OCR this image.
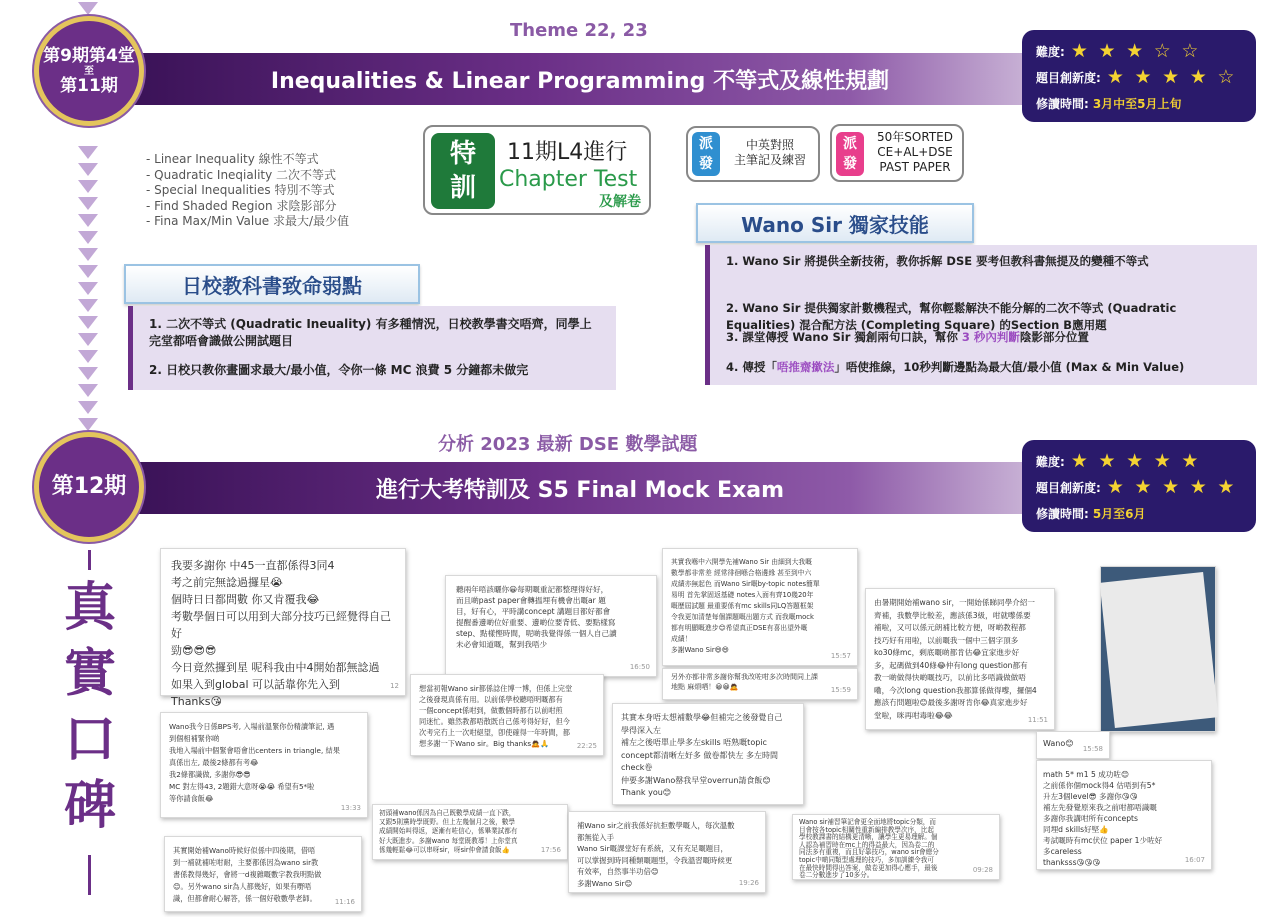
Theme 22, 23
Inequalities & Linear Programming 不等式及線性規劃
第9期第4堂
至
第11期
難度: ★ ★ ★ ☆ ☆
題目創新度: ★ ★ ★ ★ ☆
修讀時間: 3月中至5月上旬
- Linear Inequality 線性不等式
- Quadratic Ineqiality 二次不等式
- Special Inequalities 特別不等式
- Find Shaded Region 求陰影部分
- Fina Max/Min Value 求最大/最少值
特
訓
11期L4進行
Chapter Test
及解卷
派
發
中英對照
主筆記及練習
派
發
50年SORTED
CE+AL+DSE
PAST PAPER
日校教科書致命弱點
1. 二次不等式 (Quadratic Ineuality) 有多種情況，日校教學書交唔齊，同學上
完堂都唔會識做公開試題目
2. 日校只教你畫圖求最大/最小值，令你一條 MC 浪費 5 分鐘都未做完
Wano Sir 獨家技能
1. Wano Sir 將提供全新技術，教你拆解 DSE 要考但教科書無提及的變種不等式

2. Wano Sir 提供獨家計數機程式，幫你輕鬆解決不能分解的二次不等式 (Quadratic
Equalities) 混合配方法 (Completing Square) 的Section B應用題

3. 課堂傳授 Wano Sir 獨創兩句口訣，幫你 3 秒內判斷陰影部分位置
4. 傳授「唔推齋撳法」唔使推線，10秒判斷邊點為最大值/最小值 (Max & Min Value)
分析 2023 最新 DSE 數學試題
進行大考特訓及 S5 Final Mock Exam
第12期
難度: ★ ★ ★ ★ ★
題目創新度: ★ ★ ★ ★ ★
修讀時間: 5月至6月
真
實
口
碑
我要多謝你 中45一直都係得3同4
考之前完無諗過攞星😭
個時日日都問數 你又肯覆我😂
考數學個日可以用到大部分技巧已經覺得自己好
勁😎😎😎
今日竟然攞到星 呢科我由中4開始都無諗過
如果入到global 可以話靠你先入到
Thanks😘
12
聽兩年唔該曬你😀每期嘅重記都整理得好好，
而且啲past paper會轉揾埋有機會出嘅ar 題
目，好有心，平時講concept 講題目都好都會
提醒番邊啲位好重要、邊啲位要背低、要點樣寫
step、點樣慳時間，呢啲我覺得係一個人自己讀
未必會知道嘅，幫到我唔少
16:50
其實我喺中六開學先補Wano Sir 由細到大我嘅
數學都非常差 經常徘徊喺合格邊緣 甚至到中六
成績亦無起色 而Wano Sir嘅by-topic notes簡單
易明 首先掌固返基礎 notes入面有齊10幾20年
嘅歷屆試題 最重要係有mc skills同LQ答題框架
令我更加清楚每個課題嘅出題方式 而我嘅mock
都有明顯嘅進步😊希望真正DSE有喜出望外嘅
成績！
多謝Wano Sir😄😄
15:57
另外亦都非常多謝你幫我改咗咁多次時間同上課
地點 麻煩哂！😀😀🙇	15:59
由暑期開始補wano sir，一開始係睇同學介紹一
齊補，我數學比較差，應該係3級，咁就嚟係要
補啦，又可以係元朗補比較方便，呀啲教程都
技巧好有用啦，以前嘅我一個中三個字頂多
ko30條mc，剩底嘅啲都肯估😂宜家進步好
多，起碼做到40條😂仲有long question都有
教一啲做得快啲嘅技巧，以前比多唔識做做唔
嘞，今次long question我都算係做得嚟，攞個4
應該冇問題啦😊最後多謝呀肯你😂真家進步好
堂啦，咪再咁毒啦😂😂
11:51
想當初報Wano sir都係諗住博一博，但係上完堂
之後發現真係有用。以前係學校聽唔明嘅都有
一個concept係咁到，做數個時都冇以前咁煎
同迷忙。雖然教都唔散既自己係考得好好，但今
次考完冇上一次咁絕望，卽使確得一年時間，都
想多謝一下Wano sir。Big thanks🙇🙏	22:25
其實本身唔太想補數學😂但補完之後發覺自己
學得深入左
補左之後唔單止學多左skills 唔熟嘅topic
concept都清晰左好多 做卷都快左 多左時間
check卷
仲要多謝Wano罄我早堂overrun請食飯😊
Thank you😊
Wano😊
15:58
math 5* m1 5 成功咗😊
之前係你個mock得4 估唔到有5*
升左3個level😎 多謝你😘😘
補左先發覺原來我之前咁都唔識嘅
多謝你我講咁所有concepts
同埋d skills好堅👍
考試嘅時有mc伏位 paper 1少咗好
多careless
thanksss😘😘😘	16:07
Wano我今日係BPS考, 入場前溫緊你份精讀筆記, 遇
到個相補緊你啲
我地入場前中個緊會唔會出centers in triangle, 結果
真係出左, 最後2條都有考😂
我2條都識做, 多謝你😎😎
MC 對左得43, 2題錯大意呀😭😭 希望有5*啦
等你請食飯😂
13:33
初頭補wano係因為自己既數學成績一直下跌，
又跟5則黨時學既野。但上左幾個月之後，數學
成績開始叫得返，逐漸有咗信心，係畢業試都有
好大既進步。多謝wano 每堂既教導！上你堂真
係幾輕鬆😂可以串呀sir，呀sir仲會請食飯👍	17:56
補Wano sir之前我係好抗拒數學嘅人，每次溫數
都無從入手
Wano Sir嘅課堂好有系統，又有充足嘅題目，
可以掌握到時同種類嘅題型，令我溫習嘅時候更
有效率，自然事半功倍😊
多謝Wano Sir😊	19:26
Wano sir補習筆記會更全面地將topic分類，而
目會按各topic相關性重新編排教學次序，比起
學校教課書的結構更清晰，讓學生更易理解。個
人認為補習時在mc上的得益最大，因為卷二的
同法多有重複，而且好靠技巧，wano sir會總分
topic中啲同類型處理的技巧，多加訓練令我可
在最快時間得出答案，做卷更加得心應手，最後
卷二分數進步了10多分。
09:28
其實開始補Wano時候好似係中四後期，借唔
到一補就補咗咁耐，主要都係因為wano sir教
書係教得幾好，會將一d複雜嘅數字教我明點做
😊。另外wano sir為人都幾好，如果有嘢唔
識，但都會耐心解答，係一個好敬數學老師。	11:16
